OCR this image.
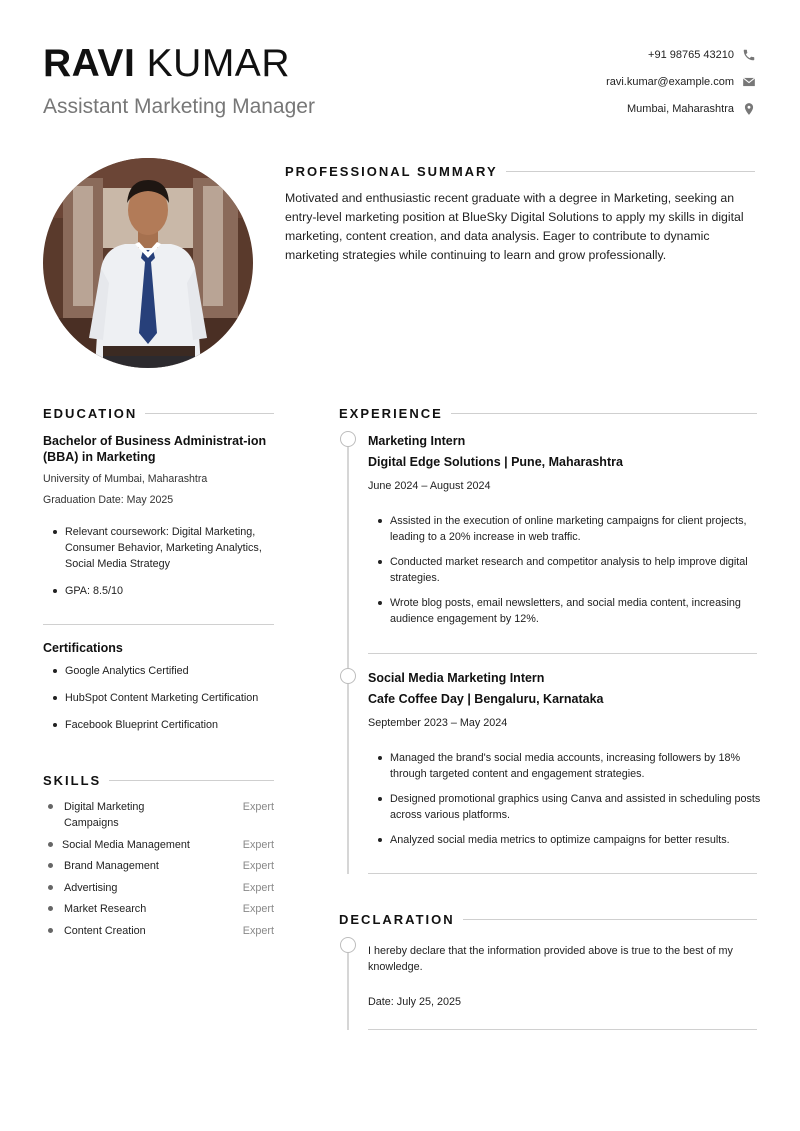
RAVI KUMAR
Assistant Marketing Manager
+91 98765 43210
ravi.kumar@example.com
Mumbai, Maharashtra
PROFESSIONAL SUMMARY
Motivated and enthusiastic recent graduate with a degree in Marketing, seeking an entry-level marketing position at BlueSky Digital Solutions to apply my skills in digital marketing, content creation, and data analysis. Eager to contribute to dynamic marketing strategies while continuing to learn and grow professionally.
EDUCATION
Bachelor of Business Administrat-ion (BBA) in Marketing
University of Mumbai, Maharashtra
Graduation Date: May 2025
Relevant coursework: Digital Marketing, Consumer Behavior, Marketing Analytics, Social Media Strategy
GPA: 8.5/10
Certifications
Google Analytics Certified
HubSpot Content Marketing Certification
Facebook Blueprint Certification
SKILLS
Digital Marketing Campaigns
Expert
Social Media Management	Expert
Brand Management	Expert
Advertising	Expert
Market Research	Expert
Content Creation	Expert
EXPERIENCE
Marketing Intern
Digital Edge Solutions | Pune, Maharashtra
June 2024 – August 2024
Assisted in the execution of online marketing campaigns for client projects, leading to a 20% increase in web traffic.
Conducted market research and competitor analysis to help improve digital strategies.
Wrote blog posts, email newsletters, and social media content, increasing audience engagement by 12%.
Social Media Marketing Intern
Cafe Coffee Day | Bengaluru, Karnataka
September 2023 – May 2024
Managed the brand's social media accounts, increasing followers by 18% through targeted content and engagement strategies.
Designed promotional graphics using Canva and assisted in scheduling posts across various platforms.
Analyzed social media metrics to optimize campaigns for better results.
DECLARATION
I hereby declare that the information provided above is true to the best of my knowledge.
Date: July 25, 2025
